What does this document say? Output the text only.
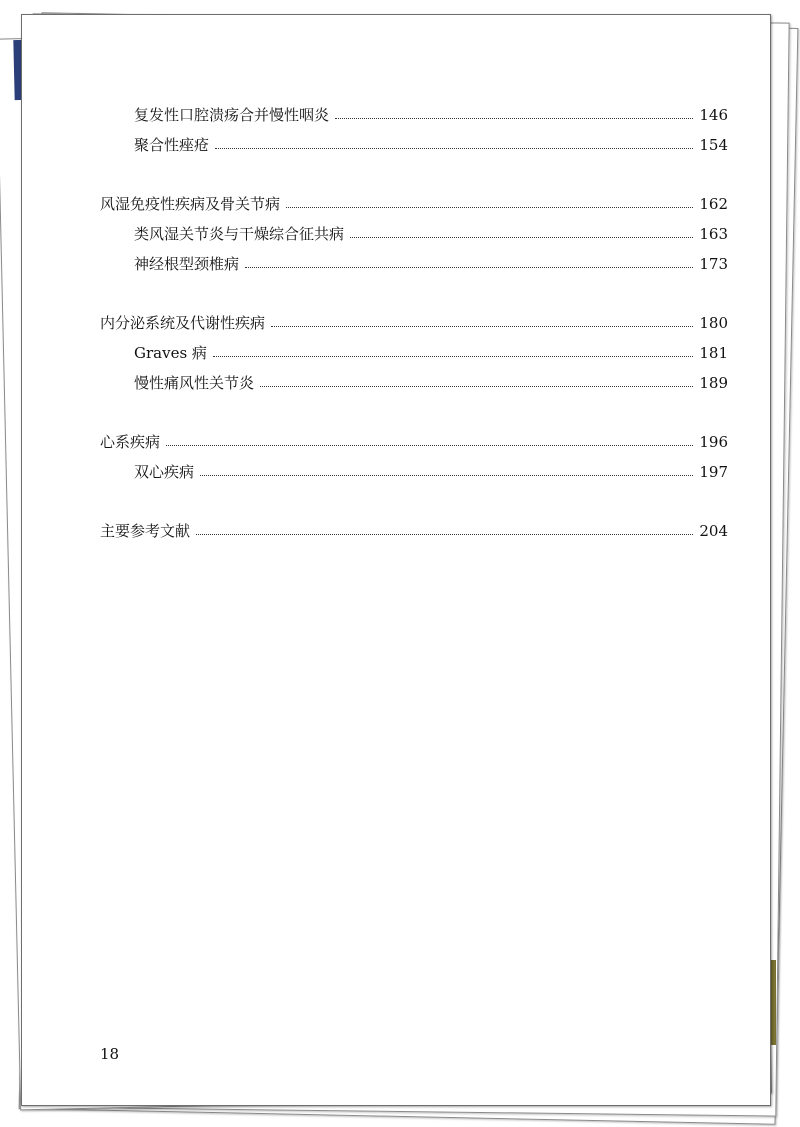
复发性口腔溃疡合并慢性咽炎	146
聚合性痤疮	154
风湿免疫性疾病及骨关节病	162
类风湿关节炎与干燥综合征共病	163
神经根型颈椎病	173
内分泌系统及代谢性疾病	180
Graves 病	181
慢性痛风性关节炎	189
心系疾病	196
双心疾病	197
主要参考文献	204
18
